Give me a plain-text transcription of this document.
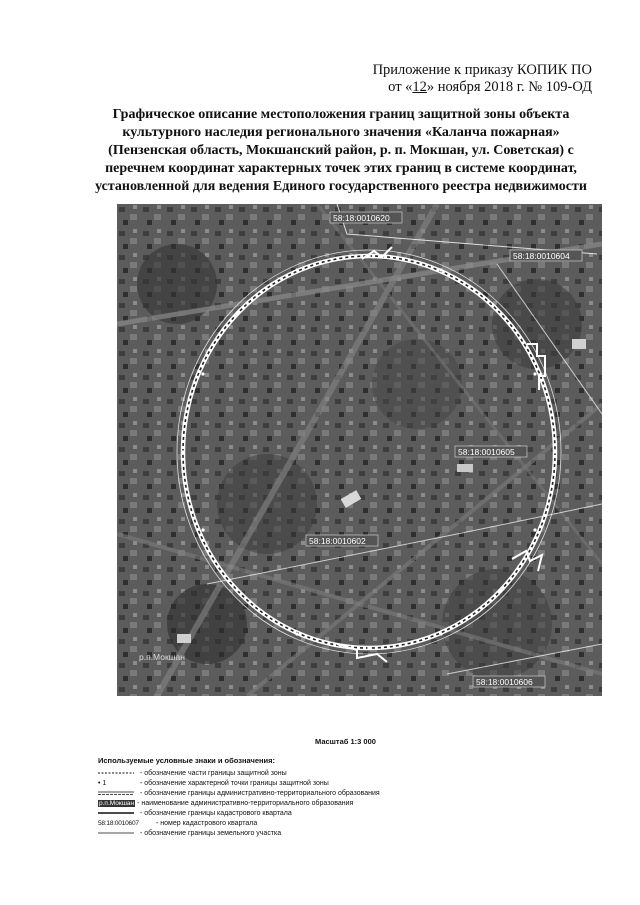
Приложение к приказу КОПИК ПО
от «12» ноября 2018 г. № 109-ОД
Графическое описание местоположения границ защитной зоны объекта
культурного наследия регионального значения «Каланча пожарная»
(Пензенская область, Мокшанский район, р. п. Мокшан, ул. Советская) с
перечнем координат характерных точек этих границ в системе координат,
установленной для ведения Единого государственного реестра недвижимости
58:18:0010620
58:18:0010604
58:18:0010605
58:18:0010602
58:18:0010606
р.п.Мокшан
Масштаб 1:3 000
Используемые условные знаки и обозначения:
- обозначение части границы защитной зоны
• 1	- обозначение характерной точки границы защитной зоны
- обозначение границы административно-территориального образования
р.п.Мокшан - наименование административно-территориального образования
- обозначение границы кадастрового квартала
58:18:0010607	- номер кадастрового квартала
- обозначение границы земельного участка
